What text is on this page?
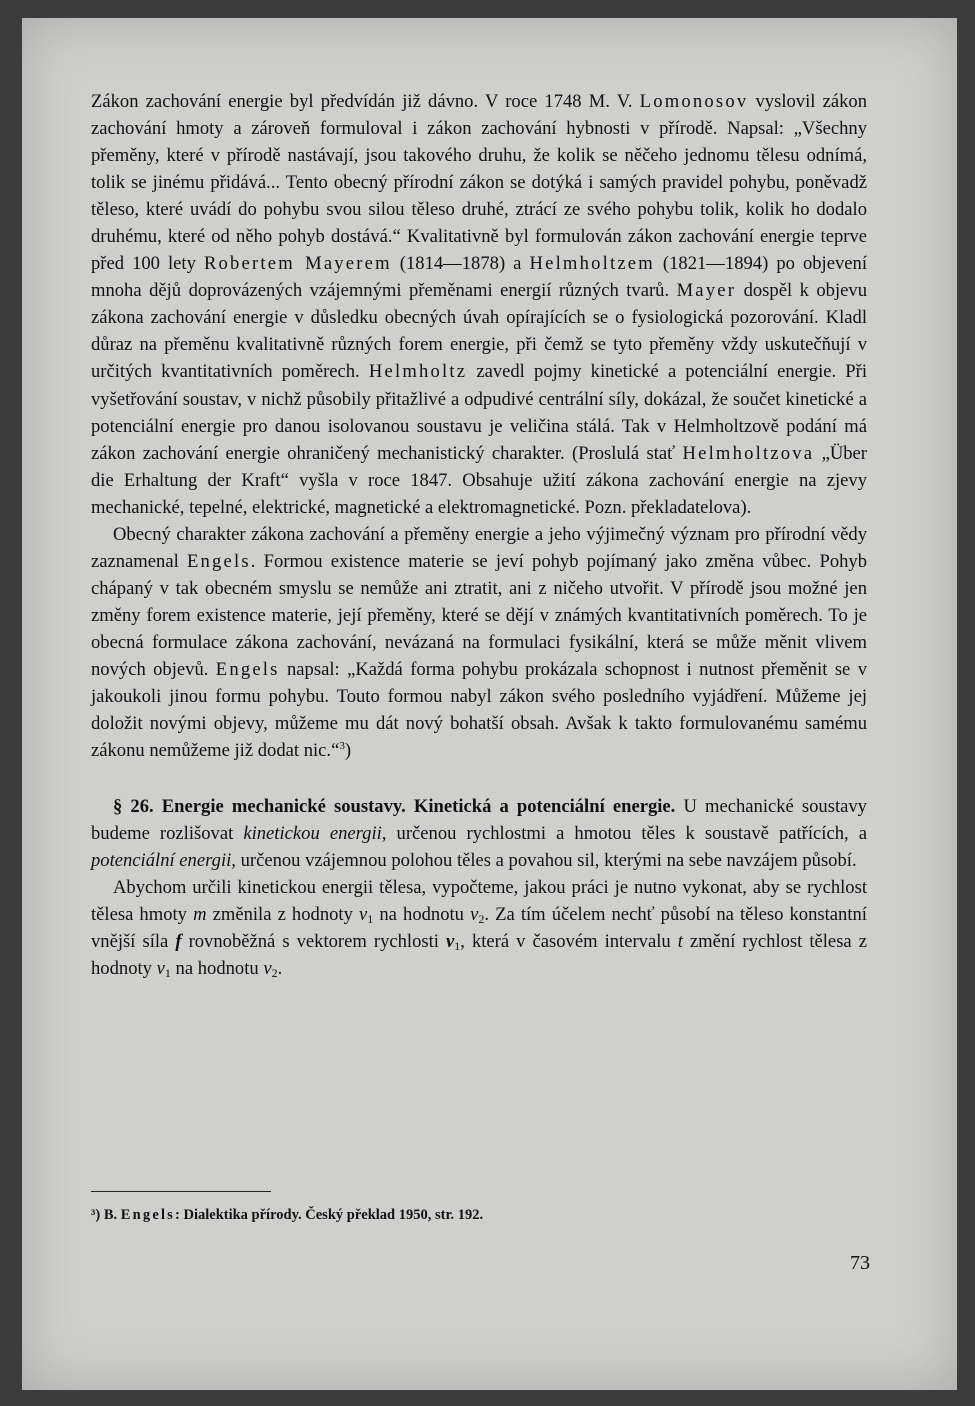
Zákon zachování energie byl předvídán již dávno. V roce 1748 M. V. Lomonosov vyslovil zákon zachování hmoty a zároveň formuloval i zákon zachování hybnosti v přírodě. Napsal: „Všechny přeměny, které v přírodě nastávají, jsou takového druhu, že kolik se něčeho jednomu tělesu odnímá, tolik se jinému přidává... Tento obecný přírodní zákon se dotýká i samých pravidel pohybu, poněvadž těleso, které uvádí do pohybu svou silou těleso druhé, ztrácí ze svého pohybu tolik, kolik ho dodalo druhému, které od něho pohyb dostává.“ Kvalitativně byl formulován zákon zachování energie teprve před 100 lety Robertem Mayerem (1814—1878) a Helmholtzem (1821—1894) po objevení mnoha dějů doprovázených vzájemnými přeměnami energií různých tvarů. Mayer dospěl k objevu zákona zachování energie v důsledku obecných úvah opírajících se o fysiologická pozorování. Kladl důraz na přeměnu kvalitativně různých forem energie, při čemž se tyto přeměny vždy uskutečňují v určitých kvantitativních poměrech. Helmholtz zavedl pojmy kinetické a potenciální energie. Při vyšetřování soustav, v nichž působily přitažlivé a odpudivé centrální síly, dokázal, že součet kinetické a potenciální energie pro danou isolovanou soustavu je veličina stálá. Tak v Helmholtzově podání má zákon zachování energie ohraničený mechanistický charakter. (Proslulá stať Helmholtzova „Über die Erhaltung der Kraft“ vyšla v roce 1847. Obsahuje užití zákona zachování energie na zjevy mechanické, tepelné, elektrické, magnetické a elektromagnetické. Pozn. překladatelova).

Obecný charakter zákona zachování a přeměny energie a jeho výjimečný význam pro přírodní vědy zaznamenal Engels. Formou existence materie se jeví pohyb pojímaný jako změna vůbec. Pohyb chápaný v tak obecném smyslu se nemůže ani ztratit, ani z ničeho utvořit. V přírodě jsou možné jen změny forem existence materie, její přeměny, které se dějí v známých kvantitativních poměrech. To je obecná formulace zákona zachování, nevázaná na formulaci fysikální, která se může měnit vlivem nových objevů. Engels napsal: „Každá forma pohybu prokázala schopnost i nutnost přeměnit se v jakoukoli jinou formu pohybu. Touto formou nabyl zákon svého posledního vyjádření. Můžeme jej doložit novými objevy, můžeme mu dát nový bohatší obsah. Avšak k takto formulovanému samému zákonu nemůžeme již dodat nic.“$^3$)

§ 26. Energie mechanické soustavy. Kinetická a potenciální energie. U mechanické soustavy budeme rozlišovat kinetickou energii, určenou rychlostmi a hmotou těles k soustavě patřících, a potenciální energii, určenou vzájemnou polohou těles a povahou sil, kterými na sebe navzájem působí.

Abychom určili kinetickou energii tělesa, vypočteme, jakou práci je nutno vykonat, aby se rychlost tělesa hmoty m změnila z hodnoty $v_1$ na hodnotu $v_2$. Za tím účelem nechť působí na těleso konstantní vnější síla f rovnoběžná s vektorem rychlosti $v_1$, která v časovém intervalu t změní rychlost tělesa z hodnoty $v_1$ na hodnotu $v_2$.

³) B. Engels: Dialektika přírody. Český překlad 1950, str. 192.
73
